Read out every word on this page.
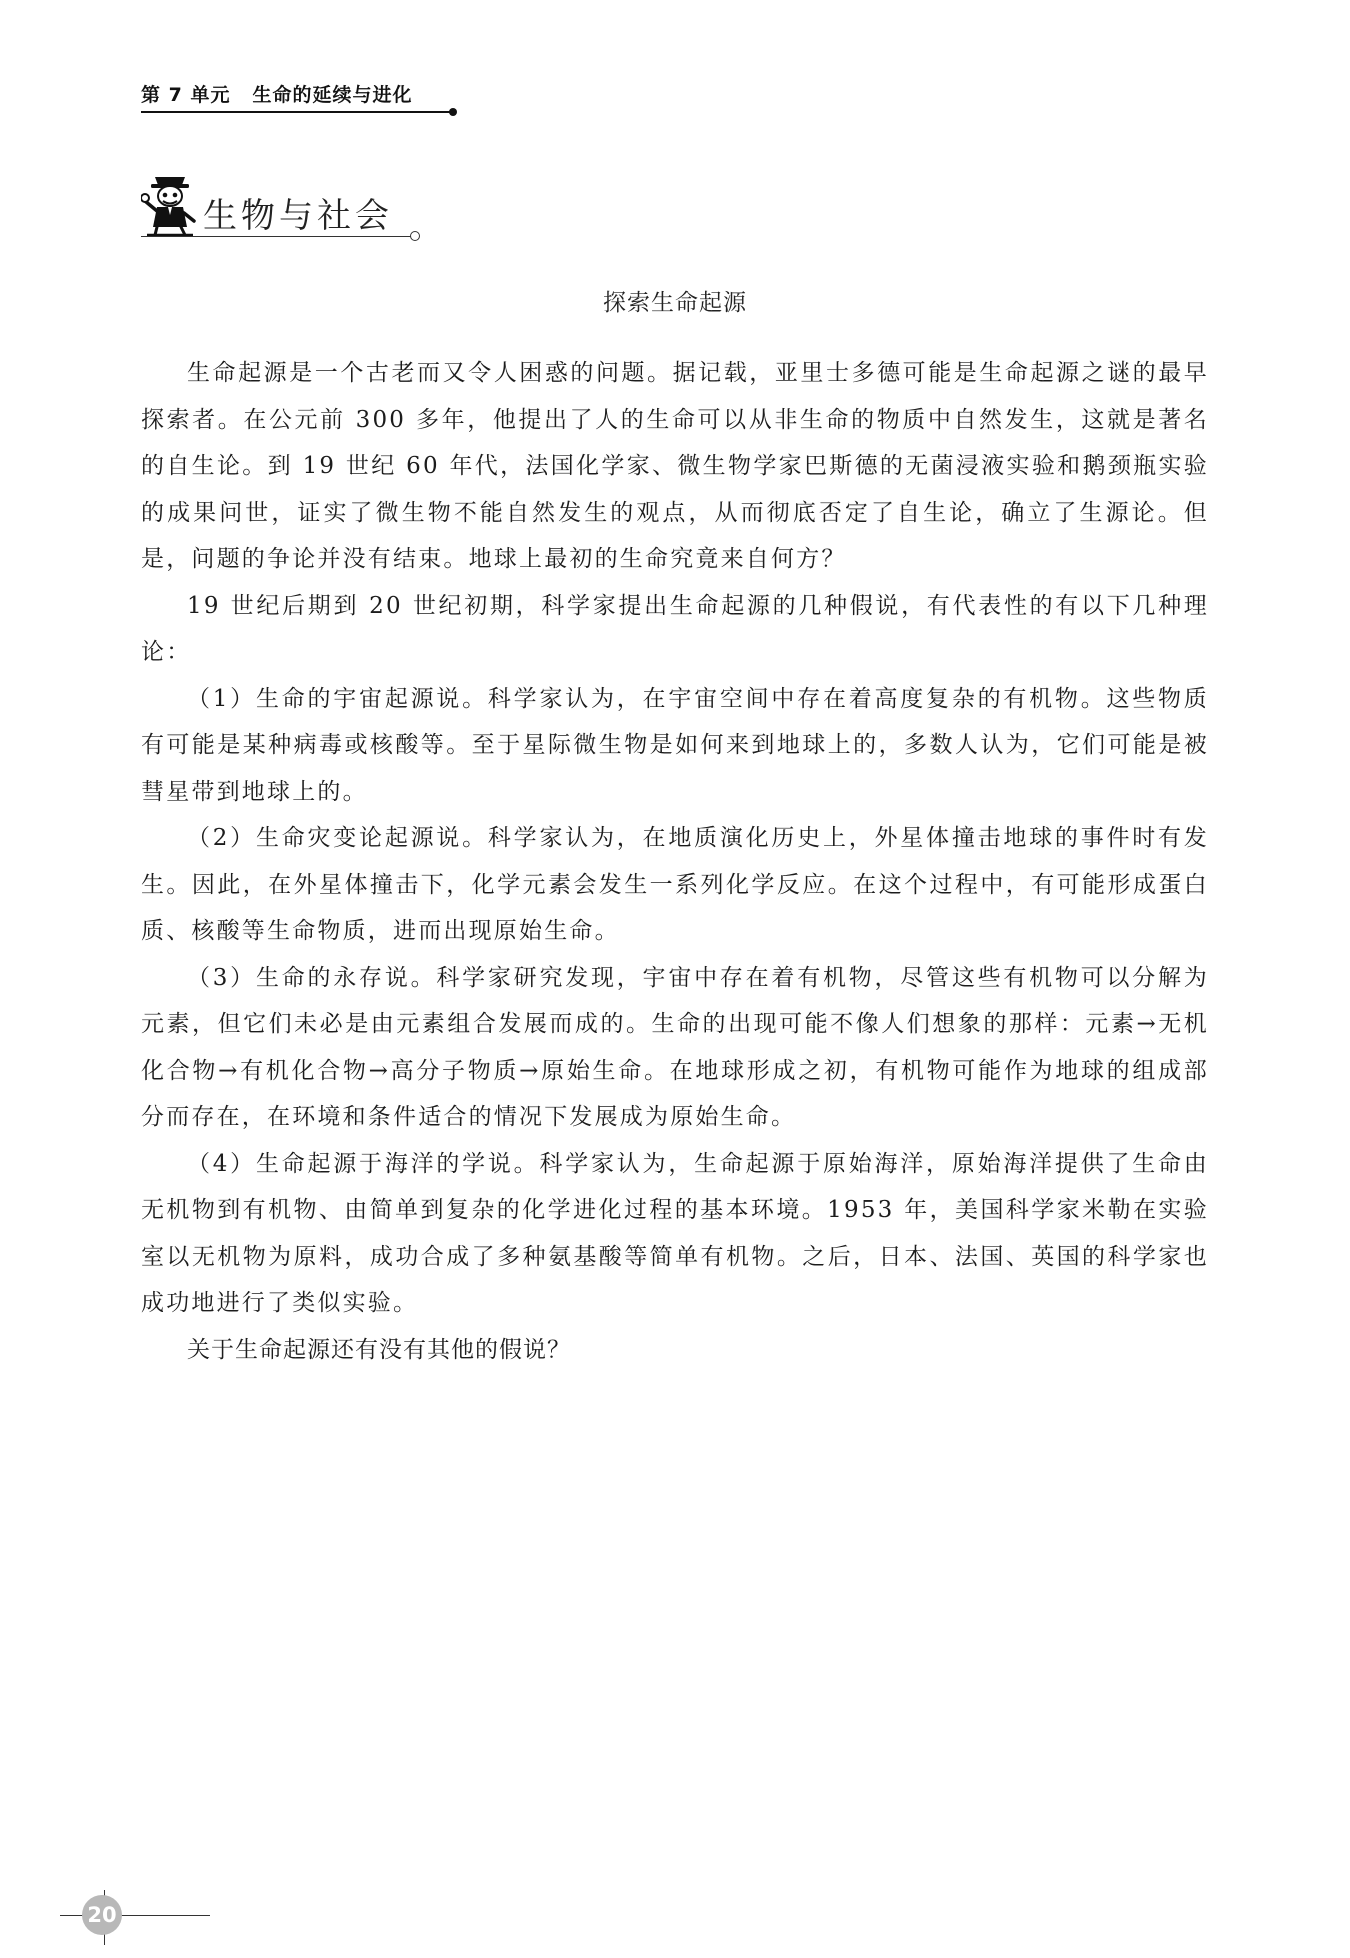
第 7 单元 生命的延续与进化
生物与社会
探索生命起源

生命起源是一个古老而又令人困惑的问题。据记载，亚里士多德可能是生命起源之谜的最早探索者。在公元前 300 多年，他提出了人的生命可以从非生命的物质中自然发生，这就是著名的自生论。到 19 世纪 60 年代，法国化学家、微生物学家巴斯德的无菌浸液实验和鹅颈瓶实验的成果问世，证实了微生物不能自然发生的观点，从而彻底否定了自生论，确立了生源论。但是，问题的争论并没有结束。地球上最初的生命究竟来自何方？

19 世纪后期到 20 世纪初期，科学家提出生命起源的几种假说，有代表性的有以下几种理论：

（1）生命的宇宙起源说。科学家认为，在宇宙空间中存在着高度复杂的有机物。这些物质有可能是某种病毒或核酸等。至于星际微生物是如何来到地球上的，多数人认为，它们可能是被彗星带到地球上的。

（2）生命灾变论起源说。科学家认为，在地质演化历史上，外星体撞击地球的事件时有发生。因此，在外星体撞击下，化学元素会发生一系列化学反应。在这个过程中，有可能形成蛋白质、核酸等生命物质，进而出现原始生命。

（3）生命的永存说。科学家研究发现，宇宙中存在着有机物，尽管这些有机物可以分解为元素，但它们未必是由元素组合发展而成的。生命的出现可能不像人们想象的那样：元素→无机化合物→有机化合物→高分子物质→原始生命。在地球形成之初，有机物可能作为地球的组成部分而存在，在环境和条件适合的情况下发展成为原始生命。

（4）生命起源于海洋的学说。科学家认为，生命起源于原始海洋，原始海洋提供了生命由无机物到有机物、由简单到复杂的化学进化过程的基本环境。1953 年，美国科学家米勒在实验室以无机物为原料，成功合成了多种氨基酸等简单有机物。之后，日本、法国、英国的科学家也成功地进行了类似实验。

关于生命起源还有没有其他的假说？

20
